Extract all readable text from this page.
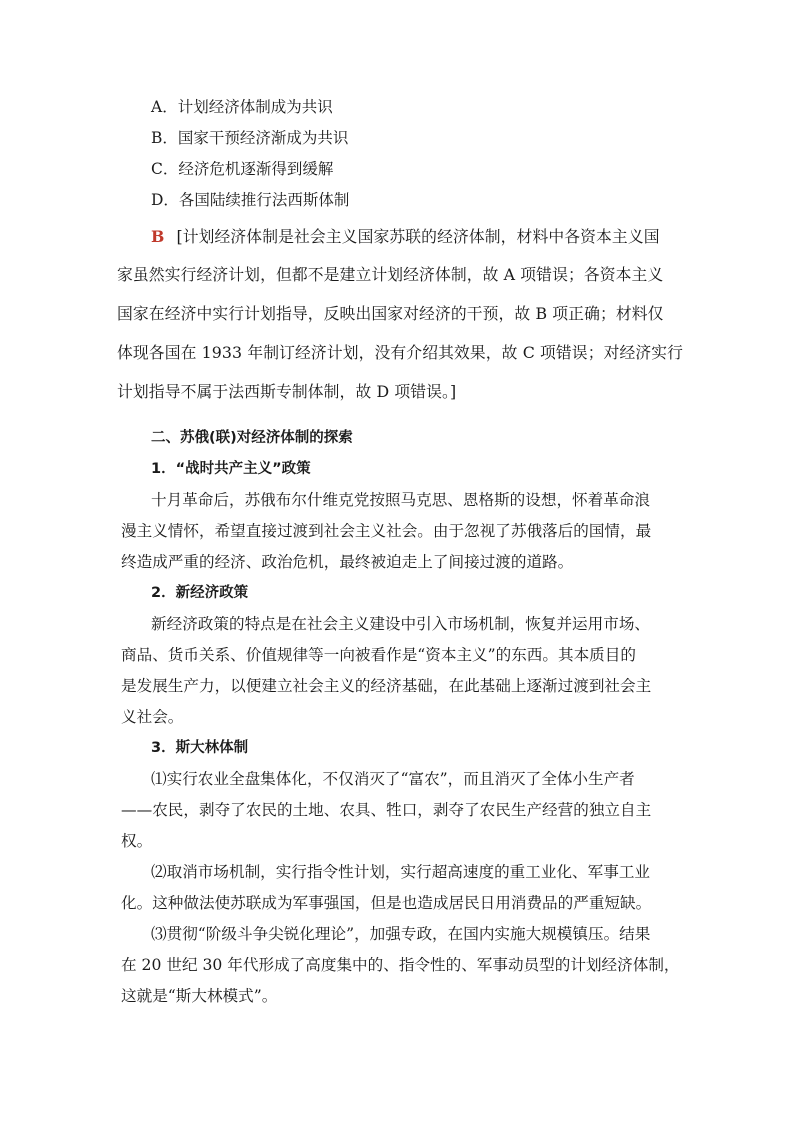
A．计划经济体制成为共识
B．国家干预经济渐成为共识
C．经济危机逐渐得到缓解
D．各国陆续推行法西斯体制
B [计划经济体制是社会主义国家苏联的经济体制，材料中各资本主义国
家虽然实行经济计划，但都不是建立计划经济体制，故 A 项错误；各资本主义
国家在经济中实行计划指导，反映出国家对经济的干预，故 B 项正确；材料仅
体现各国在 1933 年制订经济计划，没有介绍其效果，故 C 项错误；对经济实行
计划指导不属于法西斯专制体制，故 D 项错误。]
二、苏俄(联)对经济体制的探索
1．“战时共产主义”政策
十月革命后，苏俄布尔什维克党按照马克思、恩格斯的设想，怀着革命浪
漫主义情怀，希望直接过渡到社会主义社会。由于忽视了苏俄落后的国情，最
终造成严重的经济、政治危机，最终被迫走上了间接过渡的道路。
2．新经济政策
新经济政策的特点是在社会主义建设中引入市场机制，恢复并运用市场、
商品、货币关系、价值规律等一向被看作是“资本主义”的东西。其本质目的
是发展生产力，以便建立社会主义的经济基础，在此基础上逐渐过渡到社会主
义社会。
3．斯大林体制
⑴实行农业全盘集体化，不仅消灭了“富农”，而且消灭了全体小生产者
——农民，剥夺了农民的土地、农具、牲口，剥夺了农民生产经营的独立自主
权。
⑵取消市场机制，实行指令性计划，实行超高速度的重工业化、军事工业
化。这种做法使苏联成为军事强国，但是也造成居民日用消费品的严重短缺。
⑶贯彻“阶级斗争尖锐化理论”，加强专政，在国内实施大规模镇压。结果
在 20 世纪 30 年代形成了高度集中的、指令性的、军事动员型的计划经济体制，
这就是“斯大林模式”。
